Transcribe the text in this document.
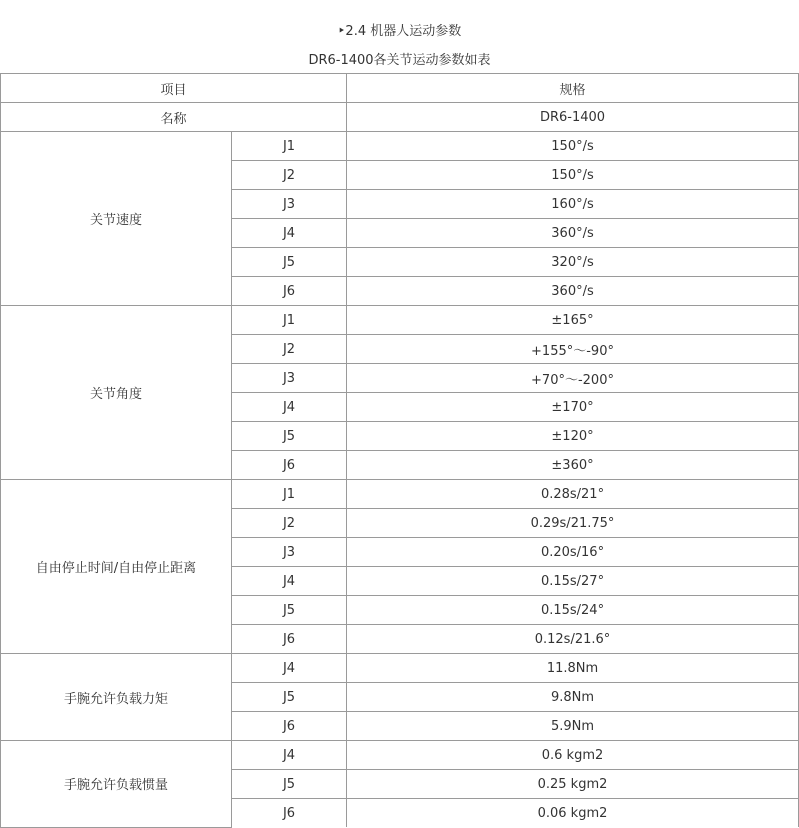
‣2.4 机器人运动参数
DR6-1400各关节运动参数如表
项目		规格
名称		DR6-1400
关节速度	J1	150°/s
	J2	150°/s
	J3	160°/s
	J4	360°/s
	J5	320°/s
	J6	360°/s
关节角度	J1	±165°
	J2	+155°～-90°
	J3	+70°～-200°
	J4	±170°
	J5	±120°
	J6	±360°
自由停止时间/自由停止距离	J1	0.28s/21°
	J2	0.29s/21.75°
	J3	0.20s/16°
	J4	0.15s/27°
	J5	0.15s/24°
	J6	0.12s/21.6°
手腕允许负载力矩	J4	11.8Nm
	J5	9.8Nm
	J6	5.9Nm
手腕允许负载惯量	J4	0.6 kgm2
	J5	0.25 kgm2
	J6	0.06 kgm2
